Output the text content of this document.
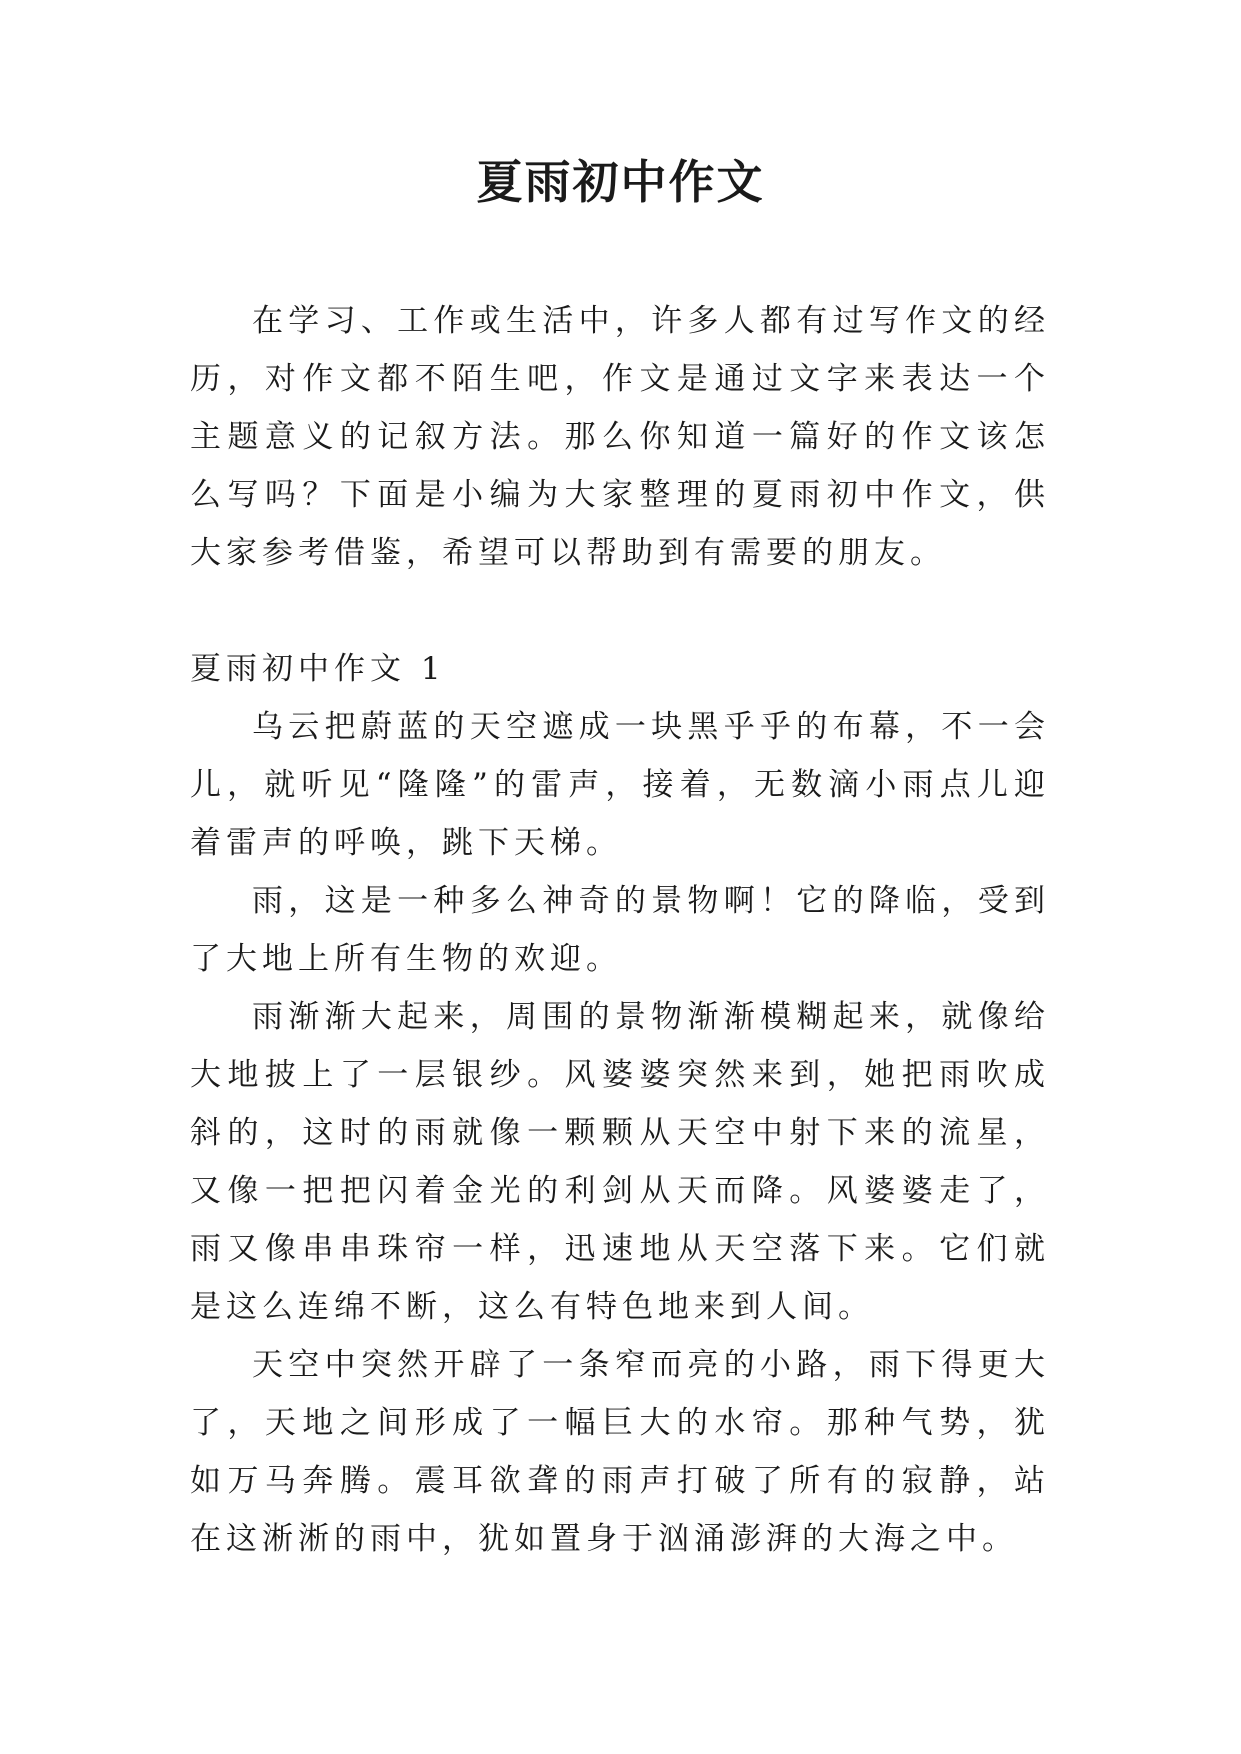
夏雨初中作文

在学习、工作或生活中，许多人都有过写作文的经历，对作文都不陌生吧，作文是通过文字来表达一个主题意义的记叙方法。那么你知道一篇好的作文该怎么写吗？下面是小编为大家整理的夏雨初中作文，供大家参考借鉴，希望可以帮助到有需要的朋友。

夏雨初中作文 1

乌云把蔚蓝的天空遮成一块黑乎乎的布幕，不一会儿，就听见“隆隆”的雷声，接着，无数滴小雨点儿迎着雷声的呼唤，跳下天梯。

雨，这是一种多么神奇的景物啊！它的降临，受到了大地上所有生物的欢迎。

雨渐渐大起来，周围的景物渐渐模糊起来，就像给大地披上了一层银纱。风婆婆突然来到，她把雨吹成斜的，这时的雨就像一颗颗从天空中射下来的流星，又像一把把闪着金光的利剑从天而降。风婆婆走了，雨又像串串珠帘一样，迅速地从天空落下来。它们就是这么连绵不断，这么有特色地来到人间。

天空中突然开辟了一条窄而亮的小路，雨下得更大了，天地之间形成了一幅巨大的水帘。那种气势，犹如万马奔腾。震耳欲聋的雨声打破了所有的寂静，站在这淅淅的雨中，犹如置身于汹涌澎湃的大海之中。
